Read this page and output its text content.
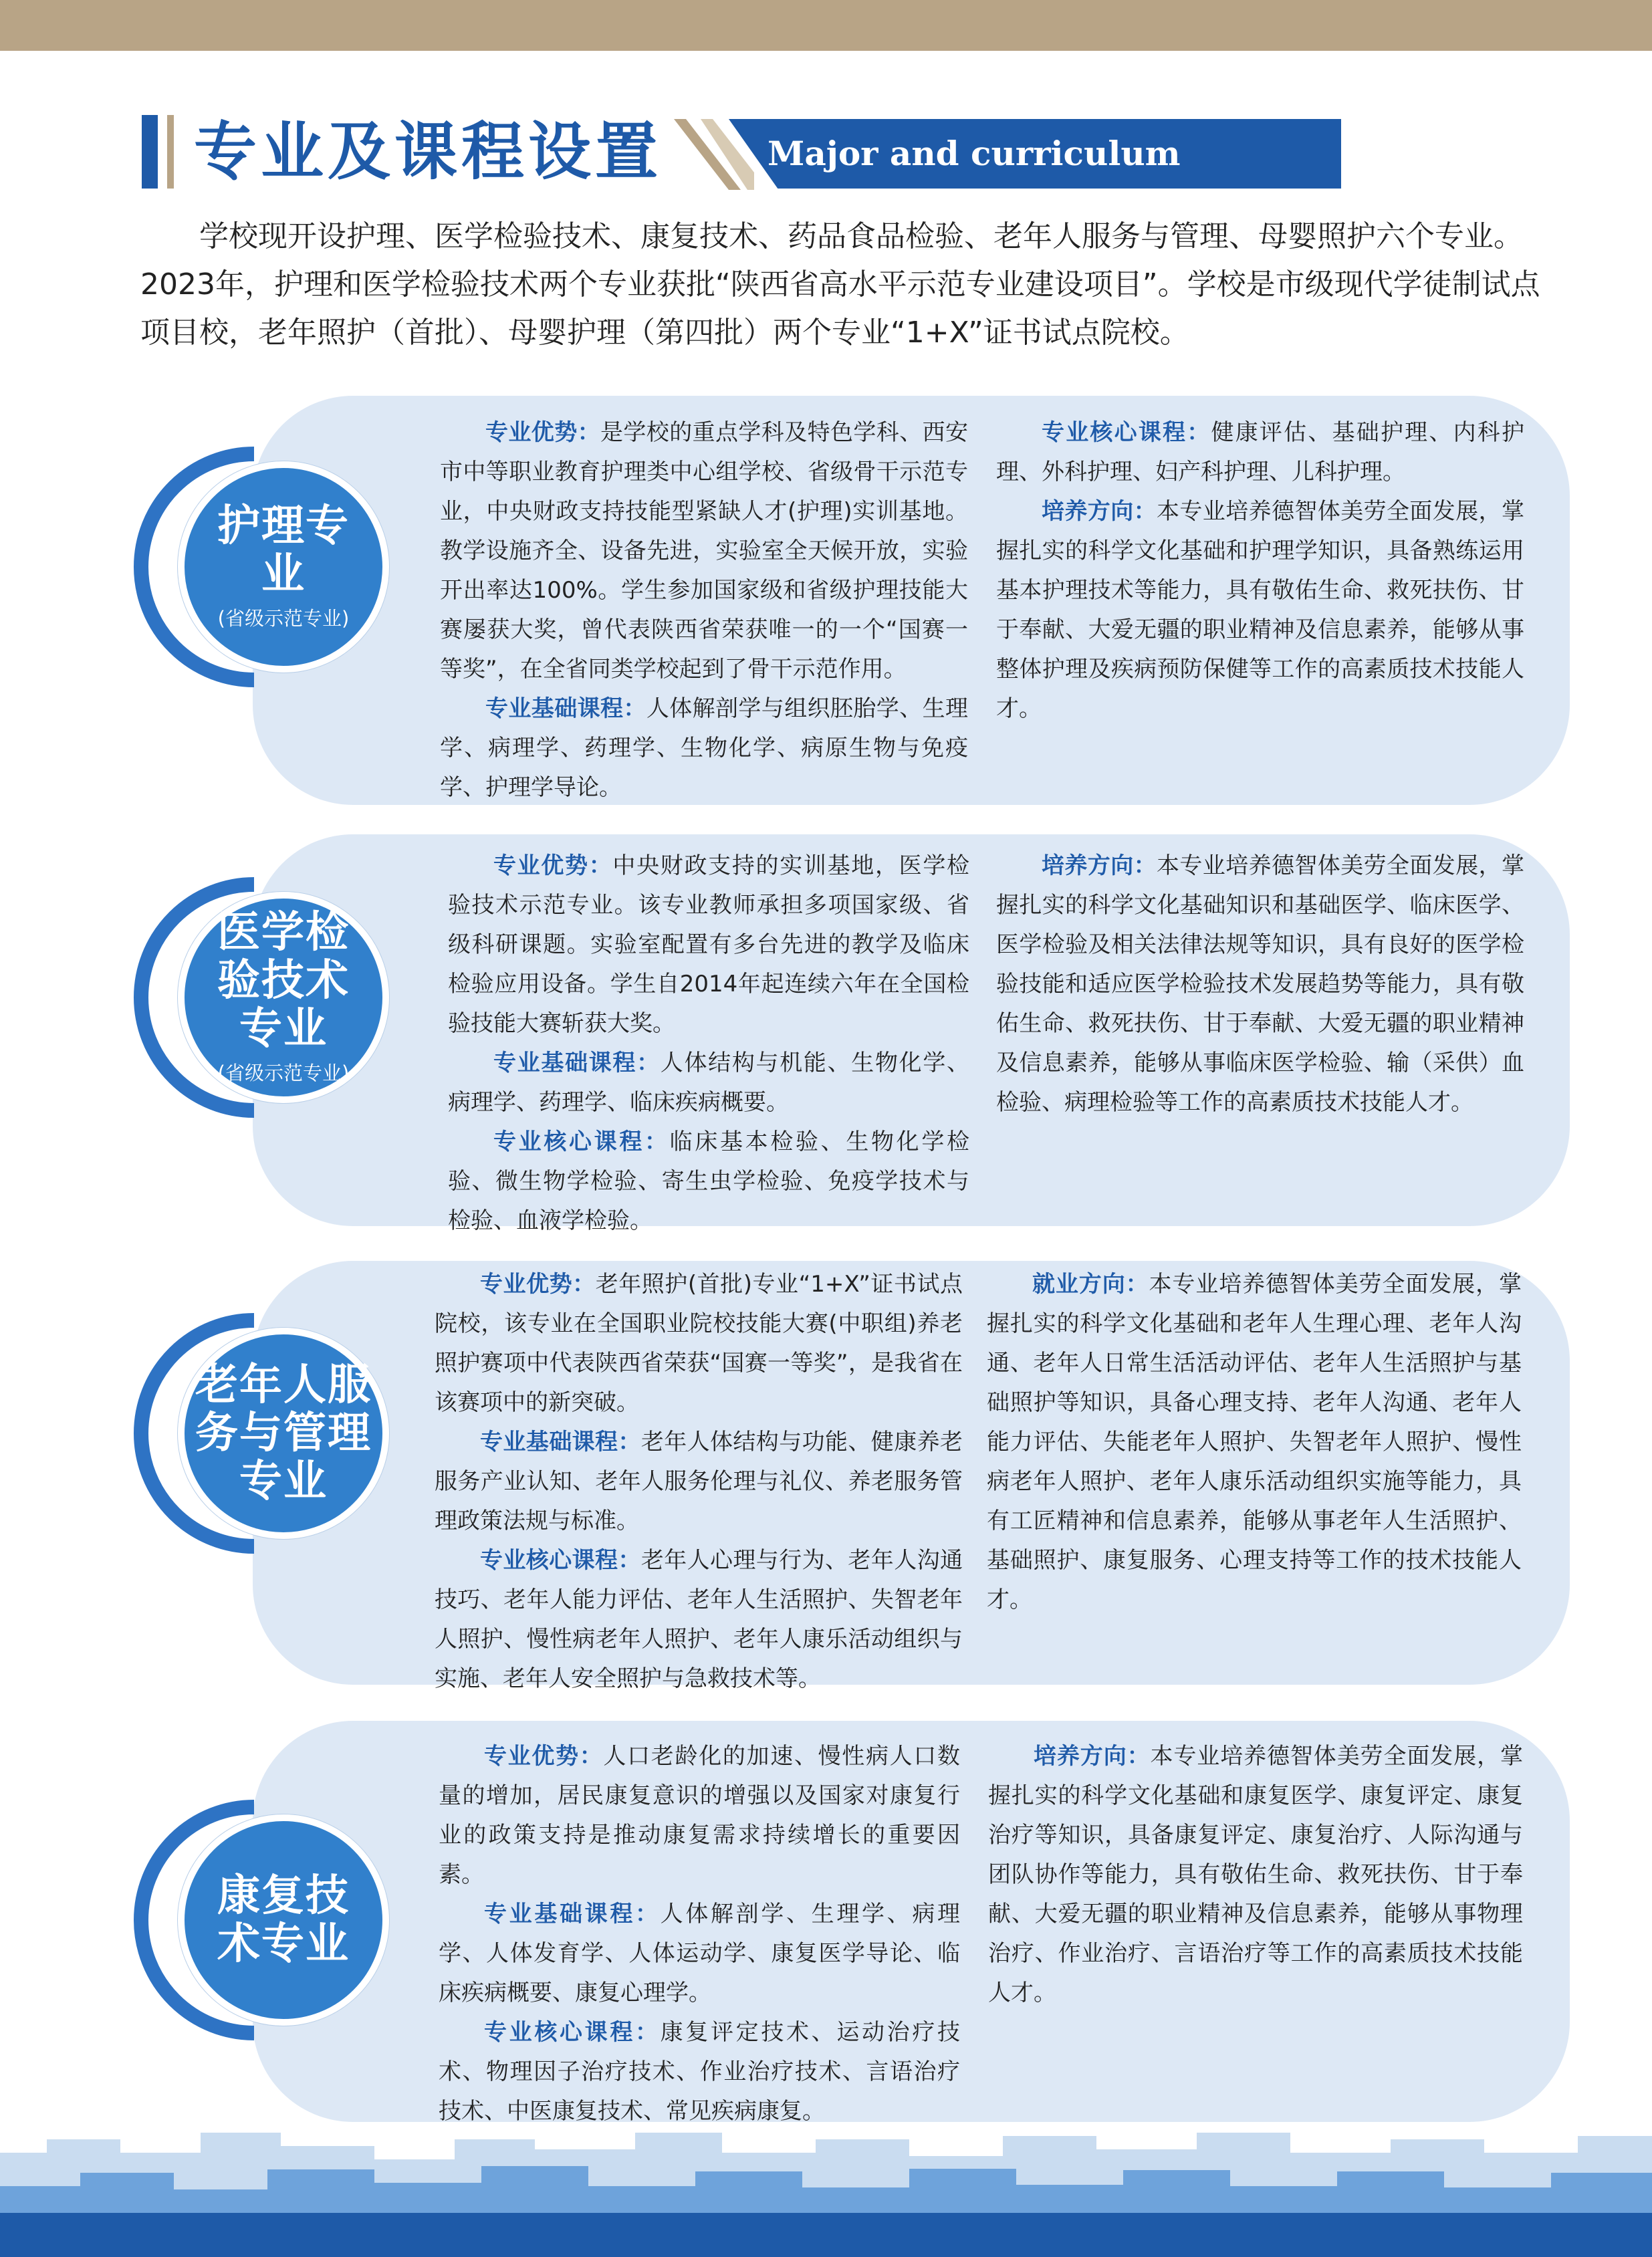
专业及课程设置	Major and curriculum

学校现开设护理、医学检验技术、康复技术、药品食品检验、老年人服务与管理、母婴照护六个专业。2023年，护理和医学检验技术两个专业获批“陕西省高水平示范专业建设项目”。学校是市级现代学徒制试点项目校，老年照护（首批）、母婴护理（第四批）两个专业“1+X”证书试点院校。

护理专业
(省级示范专业)

专业优势：是学校的重点学科及特色学科、西安市中等职业教育护理类中心组学校、省级骨干示范专业，中央财政支持技能型紧缺人才(护理)实训基地。教学设施齐全、设备先进，实验室全天候开放，实验开出率达100%。学生参加国家级和省级护理技能大赛屡获大奖，曾代表陕西省荣获唯一的一个“国赛一等奖”，在全省同类学校起到了骨干示范作用。

专业基础课程：人体解剖学与组织胚胎学、生理学、病理学、药理学、生物化学、病原生物与免疫学、护理学导论。

专业核心课程：健康评估、基础护理、内科护理、外科护理、妇产科护理、儿科护理。

培养方向：本专业培养德智体美劳全面发展，掌握扎实的科学文化基础和护理学知识，具备熟练运用基本护理技术等能力，具有敬佑生命、救死扶伤、甘于奉献、大爱无疆的职业精神及信息素养，能够从事整体护理及疾病预防保健等工作的高素质技术技能人才。

医学检验技术专业
(省级示范专业)

专业优势：中央财政支持的实训基地，医学检验技术示范专业。该专业教师承担多项国家级、省级科研课题。实验室配置有多台先进的教学及临床检验应用设备。学生自2014年起连续六年在全国检验技能大赛斩获大奖。

专业基础课程：人体结构与机能、生物化学、病理学、药理学、临床疾病概要。

专业核心课程：临床基本检验、生物化学检验、微生物学检验、寄生虫学检验、免疫学技术与检验、血液学检验。

培养方向：本专业培养德智体美劳全面发展，掌握扎实的科学文化基础知识和基础医学、临床医学、医学检验及相关法律法规等知识，具有良好的医学检验技能和适应医学检验技术发展趋势等能力，具有敬佑生命、救死扶伤、甘于奉献、大爱无疆的职业精神及信息素养，能够从事临床医学检验、输（采供）血检验、病理检验等工作的高素质技术技能人才。

老年人服务与管理专业

专业优势：老年照护(首批)专业“1+X”证书试点院校，该专业在全国职业院校技能大赛(中职组)养老照护赛项中代表陕西省荣获“国赛一等奖”，是我省在该赛项中的新突破。

专业基础课程：老年人体结构与功能、健康养老服务产业认知、老年人服务伦理与礼仪、养老服务管理政策法规与标准。

专业核心课程：老年人心理与行为、老年人沟通技巧、老年人能力评估、老年人生活照护、失智老年人照护、慢性病老年人照护、老年人康乐活动组织与实施、老年人安全照护与急救技术等。

就业方向：本专业培养德智体美劳全面发展，掌握扎实的科学文化基础和老年人生理心理、老年人沟通、老年人日常生活活动评估、老年人生活照护与基础照护等知识，具备心理支持、老年人沟通、老年人能力评估、失能老年人照护、失智老年人照护、慢性病老年人照护、老年人康乐活动组织实施等能力，具有工匠精神和信息素养，能够从事老年人生活照护、基础照护、康复服务、心理支持等工作的技术技能人才。

康复技术专业

专业优势：人口老龄化的加速、慢性病人口数量的增加，居民康复意识的增强以及国家对康复行业的政策支持是推动康复需求持续增长的重要因素。

专业基础课程：人体解剖学、生理学、病理学、人体发育学、人体运动学、康复医学导论、临床疾病概要、康复心理学。

专业核心课程：康复评定技术、运动治疗技术、物理因子治疗技术、作业治疗技术、言语治疗技术、中医康复技术、常见疾病康复。

培养方向：本专业培养德智体美劳全面发展，掌握扎实的科学文化基础和康复医学、康复评定、康复治疗等知识，具备康复评定、康复治疗、人际沟通与团队协作等能力，具有敬佑生命、救死扶伤、甘于奉献、大爱无疆的职业精神及信息素养，能够从事物理治疗、作业治疗、言语治疗等工作的高素质技术技能人才。
